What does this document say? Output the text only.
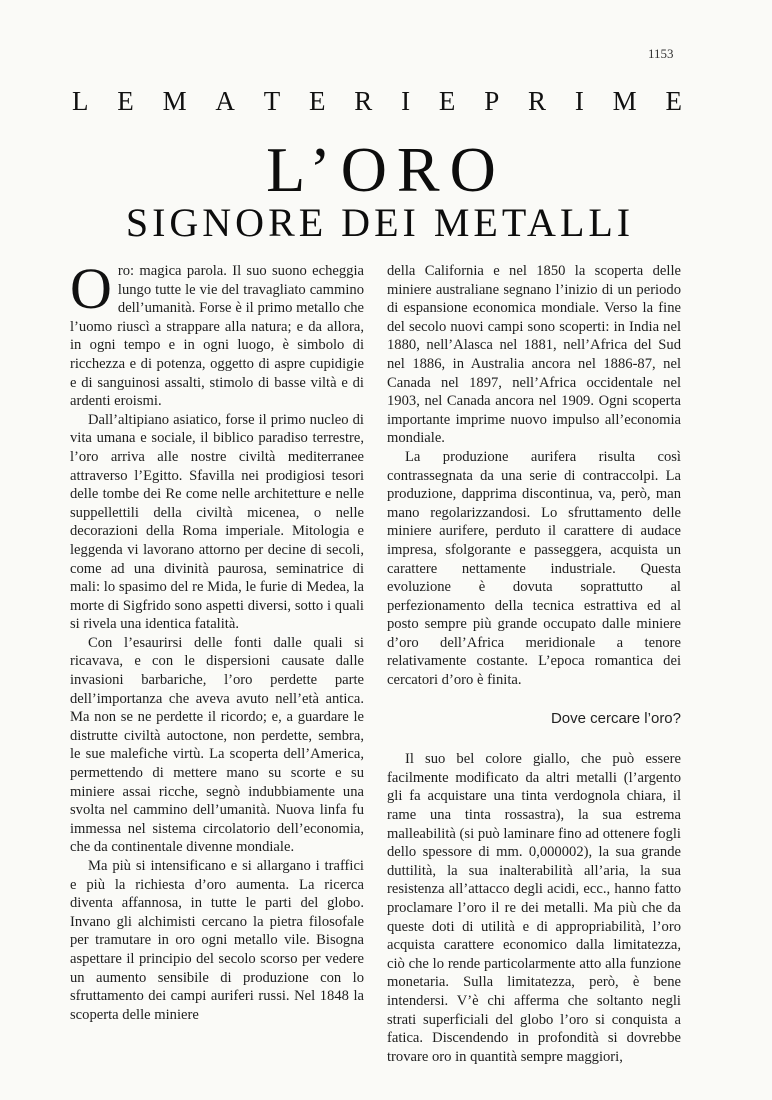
1153
L E M A T E R I E P R I M E
L’ORO
SIGNORE DEI METALLI

Oro: magica parola. Il suo suono echeggia lungo tutte le vie del travagliato cammino dell’umanità. Forse è il primo metallo che l’uomo riuscì a strappare alla natura; e da allora, in ogni tempo e in ogni luogo, è simbolo di ricchezza e di potenza, oggetto di aspre cupidigie e di sanguinosi assalti, stimolo di basse viltà e di ardenti eroismi.

Dall’altipiano asiatico, forse il primo nucleo di vita umana e sociale, il biblico paradiso terrestre, l’oro arriva alle nostre civiltà mediterranee attraverso l’Egitto. Sfavilla nei prodigiosi tesori delle tombe dei Re come nelle architetture e nelle suppellettili della civiltà micenea, o nelle decorazioni della Roma imperiale. Mitologia e leggenda vi lavorano attorno per decine di secoli, come ad una divinità paurosa, seminatrice di mali: lo spasimo del re Mida, le furie di Medea, la morte di Sigfrido sono aspetti diversi, sotto i quali si rivela una identica fatalità.

Con l’esaurirsi delle fonti dalle quali si ricavava, e con le dispersioni causate dalle invasioni barbariche, l’oro perdette parte dell’importanza che aveva avuto nell’età antica. Ma non se ne perdette il ricordo; e, a guardare le distrutte civiltà autoctone, non perdette, sembra, le sue malefiche virtù. La scoperta dell’America, permettendo di mettere mano su scorte e su miniere assai ricche, segnò indubbiamente una svolta nel cammino dell’umanità. Nuova linfa fu immessa nel sistema circolatorio dell’economia, che da continentale divenne mondiale.

Ma più si intensificano e si allargano i traffici e più la richiesta d’oro aumenta. La ricerca diventa affannosa, in tutte le parti del globo. Invano gli alchimisti cercano la pietra filosofale per tramutare in oro ogni metallo vile. Bisogna aspettare il principio del secolo scorso per vedere un aumento sensibile di produzione con lo sfruttamento dei campi auriferi russi. Nel 1848 la scoperta delle miniere

della California e nel 1850 la scoperta delle miniere australiane segnano l’inizio di un periodo di espansione economica mondiale. Verso la fine del secolo nuovi campi sono scoperti: in India nel 1880, nell’Alasca nel 1881, nell’Africa del Sud nel 1886, in Australia ancora nel 1886-87, nel Canada nel 1897, nell’Africa occidentale nel 1903, nel Canada ancora nel 1909. Ogni scoperta importante imprime nuovo impulso all’economia mondiale.

La produzione aurifera risulta così contrassegnata da una serie di contraccolpi. La produzione, dapprima discontinua, va, però, man mano regolarizzandosi. Lo sfruttamento delle miniere aurifere, perduto il carattere di audace impresa, sfolgorante e passeggera, acquista un carattere nettamente industriale. Questa evoluzione è dovuta soprattutto al perfezionamento della tecnica estrattiva ed al posto sempre più grande occupato dalle miniere d’oro dell’Africa meridionale a tenore relativamente costante. L’epoca romantica dei cercatori d’oro è finita.

Dove cercare l’oro?

Il suo bel colore giallo, che può essere facilmente modificato da altri metalli (l’argento gli fa acquistare una tinta verdognola chiara, il rame una tinta rossastra), la sua estrema malleabilità (si può laminare fino ad ottenere fogli dello spessore di mm. 0,000002), la sua grande duttilità, la sua inalterabilità all’aria, la sua resistenza all’attacco degli acidi, ecc., hanno fatto proclamare l’oro il re dei metalli. Ma più che da queste doti di utilità e di appropriabilità, l’oro acquista carattere economico dalla limitatezza, ciò che lo rende particolarmente atto alla funzione monetaria. Sulla limitatezza, però, è bene intendersi. V’è chi afferma che soltanto negli strati superficiali del globo l’oro si conquista a fatica. Discendendo in profondità si dovrebbe trovare oro in quantità sempre maggiori,
